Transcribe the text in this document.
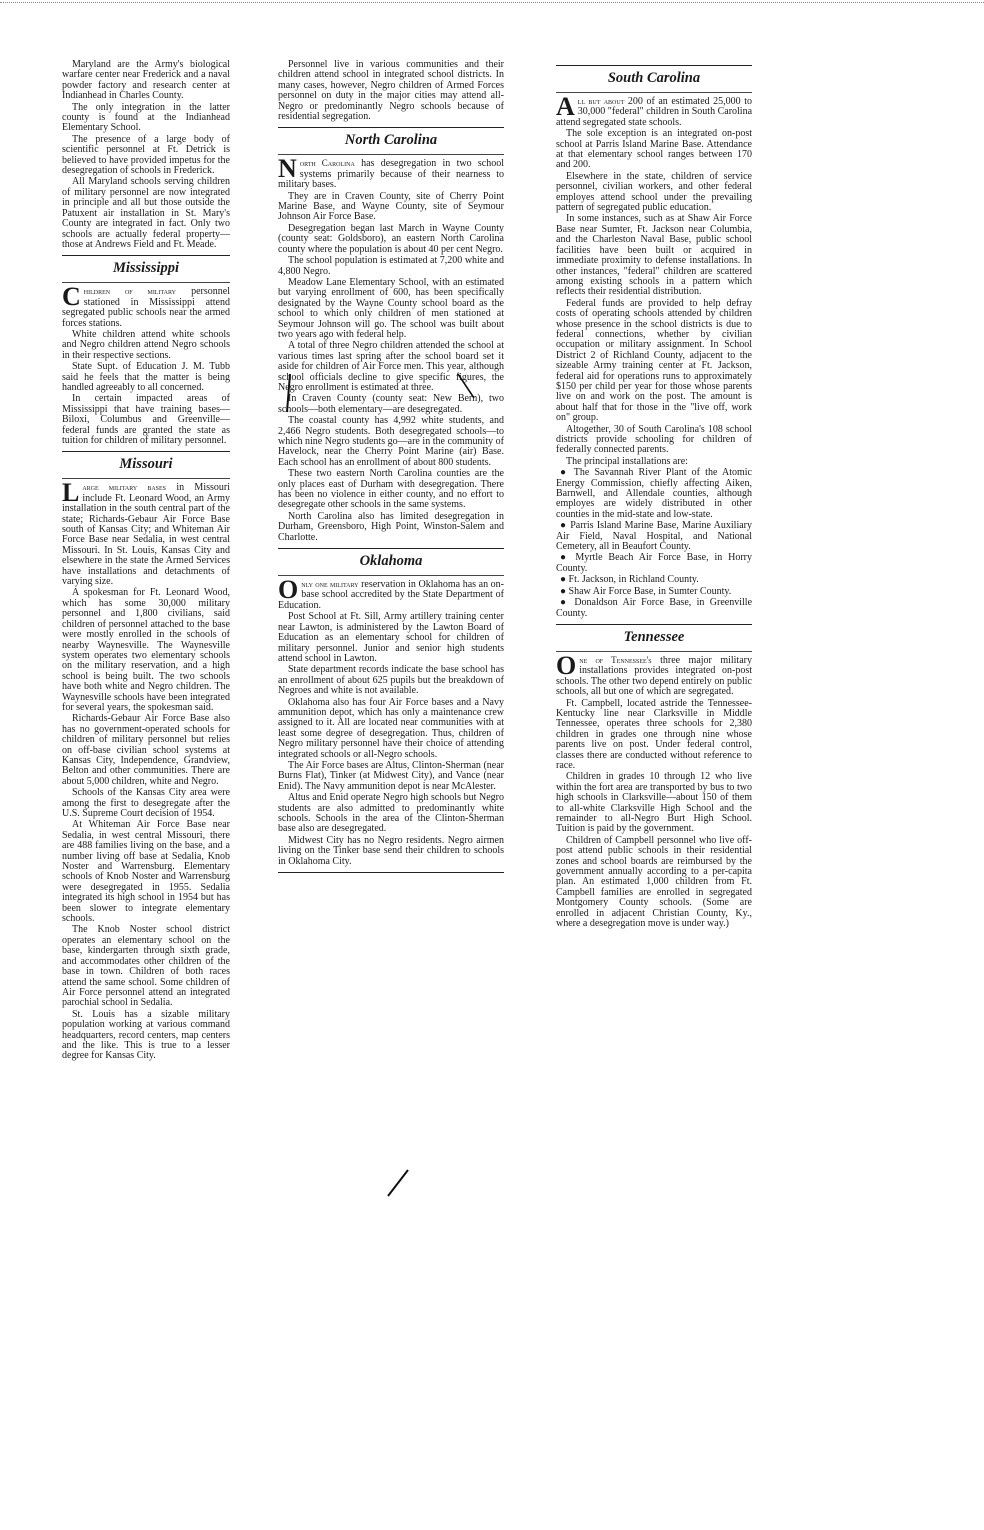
Maryland are the Army's biological warfare center near Frederick and a naval powder factory and research center at Indianhead in Charles County.

The only integration in the latter county is found at the Indianhead Elementary School.

The presence of a large body of scientific personnel at Ft. Detrick is believed to have provided impetus for the desegregation of schools in Frederick.

All Maryland schools serving children of military personnel are now integrated in principle and all but those outside the Patuxent air installation in St. Mary's County are integrated in fact. Only two schools are actually federal property—those at Andrews Field and Ft. Meade.

Mississippi

Children of military personnel stationed in Mississippi attend segregated public schools near the armed forces stations.

White children attend white schools and Negro children attend Negro schools in their respective sections.

State Supt. of Education J. M. Tubb said he feels that the matter is being handled agreeably to all concerned.

In certain impacted areas of Mississippi that have training bases—Biloxi, Columbus and Greenville—federal funds are granted the state as tuition for children of military personnel.

Missouri

Large military bases in Missouri include Ft. Leonard Wood, an Army installation in the south central part of the state; Richards-Gebaur Air Force Base south of Kansas City; and Whiteman Air Force Base near Sedalia, in west central Missouri. In St. Louis, Kansas City and elsewhere in the state the Armed Services have installations and detachments of varying size.

A spokesman for Ft. Leonard Wood, which has some 30,000 military personnel and 1,800 civilians, said children of personnel attached to the base were mostly enrolled in the schools of nearby Waynesville. The Waynesville system operates two elementary schools on the military reservation, and a high school is being built. The two schools have both white and Negro children. The Waynesville schools have been integrated for several years, the spokesman said.

Richards-Gebaur Air Force Base also has no government-operated schools for children of military personnel but relies on off-base civilian school systems at Kansas City, Independence, Grandview, Belton and other communities. There are about 5,000 children, white and Negro.

Schools of the Kansas City area were among the first to desegregate after the U.S. Supreme Court decision of 1954.

At Whiteman Air Force Base near Sedalia, in west central Missouri, there are 488 families living on the base, and a number living off base at Sedalia, Knob Noster and Warrensburg. Elementary schools of Knob Noster and Warrensburg were desegregated in 1955. Sedalia integrated its high school in 1954 but has been slower to integrate elementary schools.

The Knob Noster school district operates an elementary school on the base, kindergarten through sixth grade, and accommodates other children of the base in town. Children of both races attend the same school. Some children of Air Force personnel attend an integrated parochial school in Sedalia.

St. Louis has a sizable military population working at various command headquarters, record centers, map centers and the like. This is true to a lesser degree for Kansas City.

Personnel live in various communities and their children attend school in integrated school districts. In many cases, however, Negro children of Armed Forces personnel on duty in the major cities may attend all-Negro or predominantly Negro schools because of residential segregation.

North Carolina

North Carolina has desegregation in two school systems primarily because of their nearness to military bases.

They are in Craven County, site of Cherry Point Marine Base, and Wayne County, site of Seymour Johnson Air Force Base.

Desegregation began last March in Wayne County (county seat: Goldsboro), an eastern North Carolina county where the population is about 40 per cent Negro.

The school population is estimated at 7,200 white and 4,800 Negro.

Meadow Lane Elementary School, with an estimated but varying enrollment of 600, has been specifically designated by the Wayne County school board as the school to which only children of men stationed at Seymour Johnson will go. The school was built about two years ago with federal help.

A total of three Negro children attended the school at various times last spring after the school board set it aside for children of Air Force men. This year, although school officials decline to give specific figures, the Negro enrollment is estimated at three.

In Craven County (county seat: New Bern), two schools—both elementary—are desegregated.

The coastal county has 4,992 white students, and 2,466 Negro students. Both desegregated schools—to which nine Negro students go—are in the community of Havelock, near the Cherry Point Marine (air) Base. Each school has an enrollment of about 800 students.

These two eastern North Carolina counties are the only places east of Durham with desegregation. There has been no violence in either county, and no effort to desegregate other schools in the same systems.

North Carolina also has limited desegregation in Durham, Greensboro, High Point, Winston-Salem and Charlotte.

Oklahoma

Only one military reservation in Oklahoma has an on-base school accredited by the State Department of Education.

Post School at Ft. Sill, Army artillery training center near Lawton, is administered by the Lawton Board of Education as an elementary school for children of military personnel. Junior and senior high students attend school in Lawton.

State department records indicate the base school has an enrollment of about 625 pupils but the breakdown of Negroes and white is not available.

Oklahoma also has four Air Force bases and a Navy ammunition depot, which has only a maintenance crew assigned to it. All are located near communities with at least some degree of desegregation. Thus, children of Negro military personnel have their choice of attending integrated schools or all-Negro schools.

The Air Force bases are Altus, Clinton-Sherman (near Burns Flat), Tinker (at Midwest City), and Vance (near Enid). The Navy ammunition depot is near McAlester.

Altus and Enid operate Negro high schools but Negro students are also admitted to predominantly white schools. Schools in the area of the Clinton-Sherman base also are desegregated.

Midwest City has no Negro residents. Negro airmen living on the Tinker base send their children to schools in Oklahoma City.

South Carolina

All but about 200 of an estimated 25,000 to 30,000 "federal" children in South Carolina attend segregated state schools.

The sole exception is an integrated on-post school at Parris Island Marine Base. Attendance at that elementary school ranges between 170 and 200.

Elsewhere in the state, children of service personnel, civilian workers, and other federal employes attend school under the prevailing pattern of segregated public education.

In some instances, such as at Shaw Air Force Base near Sumter, Ft. Jackson near Columbia, and the Charleston Naval Base, public school facilities have been built or acquired in immediate proximity to defense installations. In other instances, "federal" children are scattered among existing schools in a pattern which reflects their residential distribution.

Federal funds are provided to help defray costs of operating schools attended by children whose presence in the school districts is due to federal connections, whether by civilian occupation or military assignment. In School District 2 of Richland County, adjacent to the sizeable Army training center at Ft. Jackson, federal aid for operations runs to approximately $150 per child per year for those whose parents live on and work on the post. The amount is about half that for those in the "live off, work on" group.

Altogether, 30 of South Carolina's 108 school districts provide schooling for children of federally connected parents.

The principal installations are:

● The Savannah River Plant of the Atomic Energy Commission, chiefly affecting Aiken, Barnwell, and Allendale counties, although employes are widely distributed in other counties in the mid-state and low-state.

● Parris Island Marine Base, Marine Auxiliary Air Field, Naval Hospital, and National Cemetery, all in Beaufort County.

● Myrtle Beach Air Force Base, in Horry County.

● Ft. Jackson, in Richland County.

● Shaw Air Force Base, in Sumter County.

● Donaldson Air Force Base, in Greenville County.

Tennessee

One of Tennessee's three major military installations provides integrated on-post schools. The other two depend entirely on public schools, all but one of which are segregated.

Ft. Campbell, located astride the Tennessee-Kentucky line near Clarksville in Middle Tennessee, operates three schools for 2,380 children in grades one through nine whose parents live on post. Under federal control, classes there are conducted without reference to race.

Children in grades 10 through 12 who live within the fort area are transported by bus to two high schools in Clarksville—about 150 of them to all-white Clarksville High School and the remainder to all-Negro Burt High School. Tuition is paid by the government.

Children of Campbell personnel who live off-post attend public schools in their residential zones and school boards are reimbursed by the government annually according to a per-capita plan. An estimated 1,000 children from Ft. Campbell families are enrolled in segregated Montgomery County schools. (Some are enrolled in adjacent Christian County, Ky., where a desegregation move is under way.)
